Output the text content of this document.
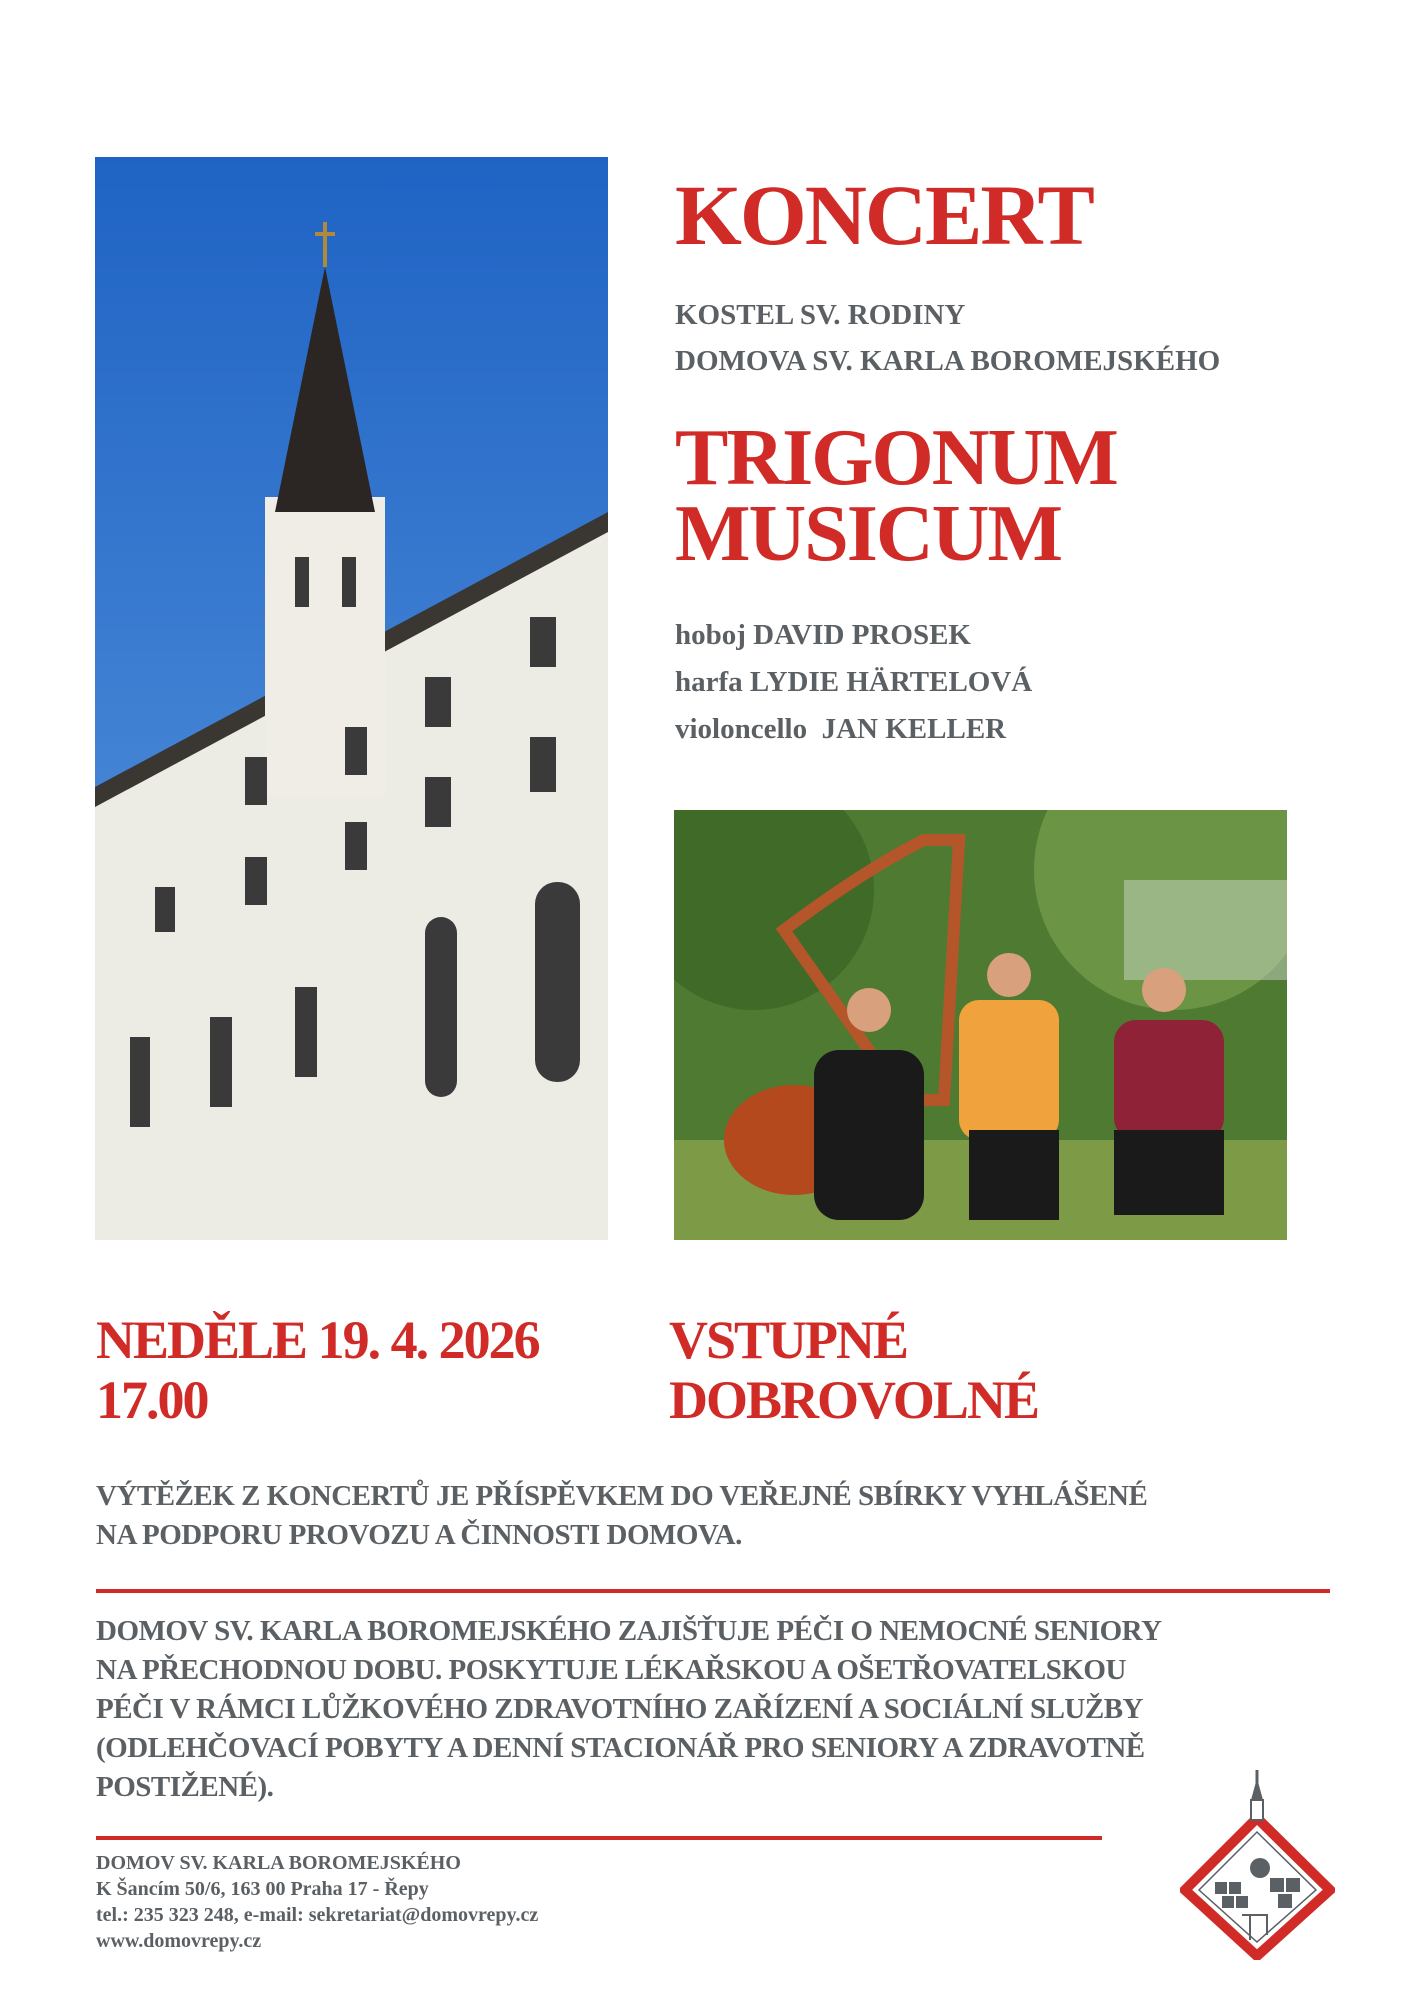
KONCERT
KOSTEL SV. RODINY
DOMOVA SV. KARLA BOROMEJSKÉHO
TRIGONUM
MUSICUM
hoboj DAVID PROSEK
harfa LYDIE HÄRTELOVÁ
violoncello  JAN KELLER
NEDĚLE 19. 4. 2026
17.00
VSTUPNÉ
DOBROVOLNÉ
VÝTĚŽEK Z KONCERTŮ JE PŘÍSPĚVKEM DO VEŘEJNÉ SBÍRKY VYHLÁŠENÉ
NA PODPORU PROVOZU A ČINNOSTI DOMOVA.
DOMOV SV. KARLA BOROMEJSKÉHO ZAJIŠŤUJE PÉČI O NEMOCNÉ SENIORY
NA PŘECHODNOU DOBU. POSKYTUJE LÉKAŘSKOU A OŠETŘOVATELSKOU
PÉČI V RÁMCI LŮŽKOVÉHO ZDRAVOTNÍHO ZAŘÍZENÍ A SOCIÁLNÍ SLUŽBY
(ODLEHČOVACÍ POBYTY A DENNÍ STACIONÁŘ PRO SENIORY A ZDRAVOTNĚ
POSTIŽENÉ).
DOMOV SV. KARLA BOROMEJSKÉHO
K Šancím 50/6, 163 00 Praha 17 - Řepy
tel.: 235 323 248, e-mail: sekretariat@domovrepy.cz
www.domovrepy.cz
